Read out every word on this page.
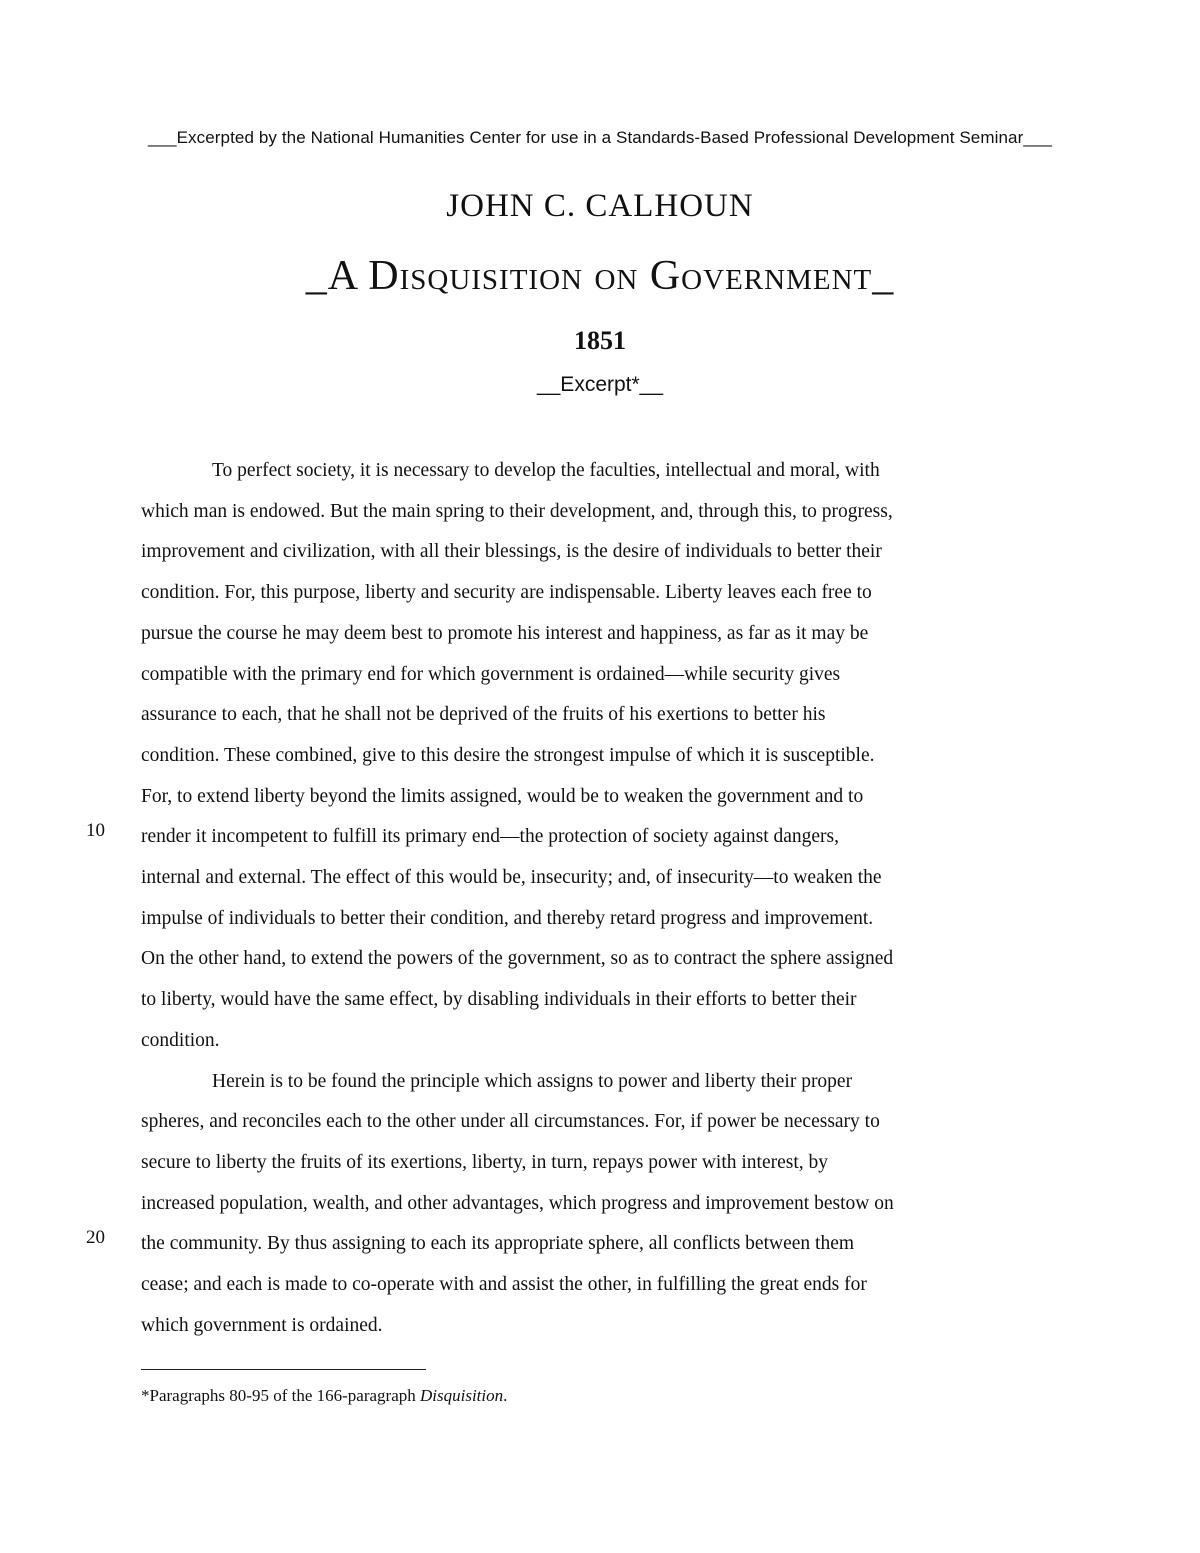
___Excerpted by the National Humanities Center for use in a Standards-Based Professional Development Seminar___
JOHN C. CALHOUN
_A Disquisition on Government_
1851
__Excerpt*__

To perfect society, it is necessary to develop the faculties, intellectual and moral, with
which man is endowed. But the main spring to their development, and, through this, to progress,
improvement and civilization, with all their blessings, is the desire of individuals to better their
condition. For, this purpose, liberty and security are indispensable. Liberty leaves each free to
pursue the course he may deem best to promote his interest and happiness, as far as it may be
compatible with the primary end for which government is ordained—while security gives
assurance to each, that he shall not be deprived of the fruits of his exertions to better his
condition. These combined, give to this desire the strongest impulse of which it is susceptible.
For, to extend liberty beyond the limits assigned, would be to weaken the government and to
render it incompetent to fulfill its primary end—the protection of society against dangers,
internal and external. The effect of this would be, insecurity; and, of insecurity—to weaken the
impulse of individuals to better their condition, and thereby retard progress and improvement.
On the other hand, to extend the powers of the government, so as to contract the sphere assigned
to liberty, would have the same effect, by disabling individuals in their efforts to better their
condition.

Herein is to be found the principle which assigns to power and liberty their proper
spheres, and reconciles each to the other under all circumstances. For, if power be necessary to
secure to liberty the fruits of its exertions, liberty, in turn, repays power with interest, by
increased population, wealth, and other advantages, which progress and improvement bestow on
the community. By thus assigning to each its appropriate sphere, all conflicts between them
cease; and each is made to co-operate with and assist the other, in fulfilling the great ends for
which government is ordained.

10
20
*Paragraphs 80-95 of the 166-paragraph Disquisition.
